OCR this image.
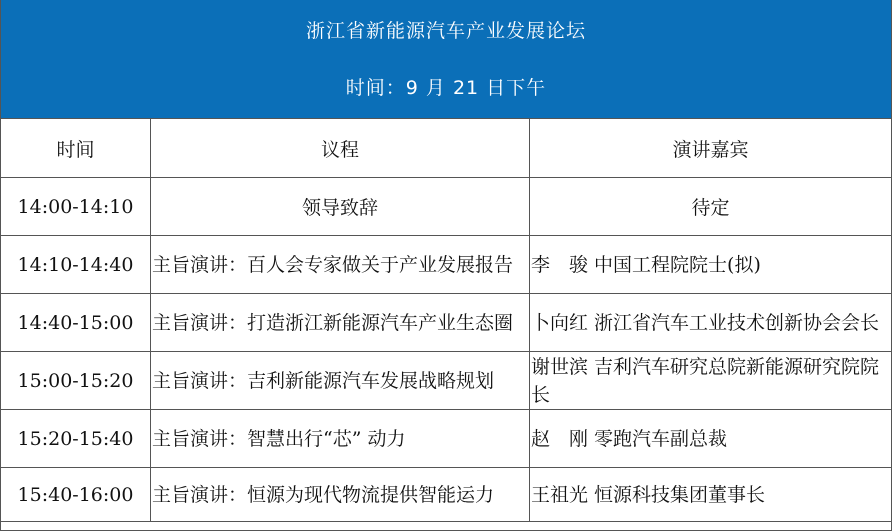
浙江省新能源汽车产业发展论坛
时间：9 月 21 日下午
时间	议程	演讲嘉宾
14:00-14:10	领导致辞	待定
14:10-14:40	主旨演讲：百人会专家做关于产业发展报告	李　骏 中国工程院院士(拟)
14:40-15:00	主旨演讲：打造浙江新能源汽车产业生态圈	卜向红 浙江省汽车工业技术创新协会会长
15:00-15:20	主旨演讲：吉利新能源汽车发展战略规划	谢世滨 吉利汽车研究总院新能源研究院院长
15:20-15:40	主旨演讲：智慧出行“芯” 动力	赵　刚 零跑汽车副总裁
15:40-16:00	主旨演讲：恒源为现代物流提供智能运力	王祖光 恒源科技集团董事长
